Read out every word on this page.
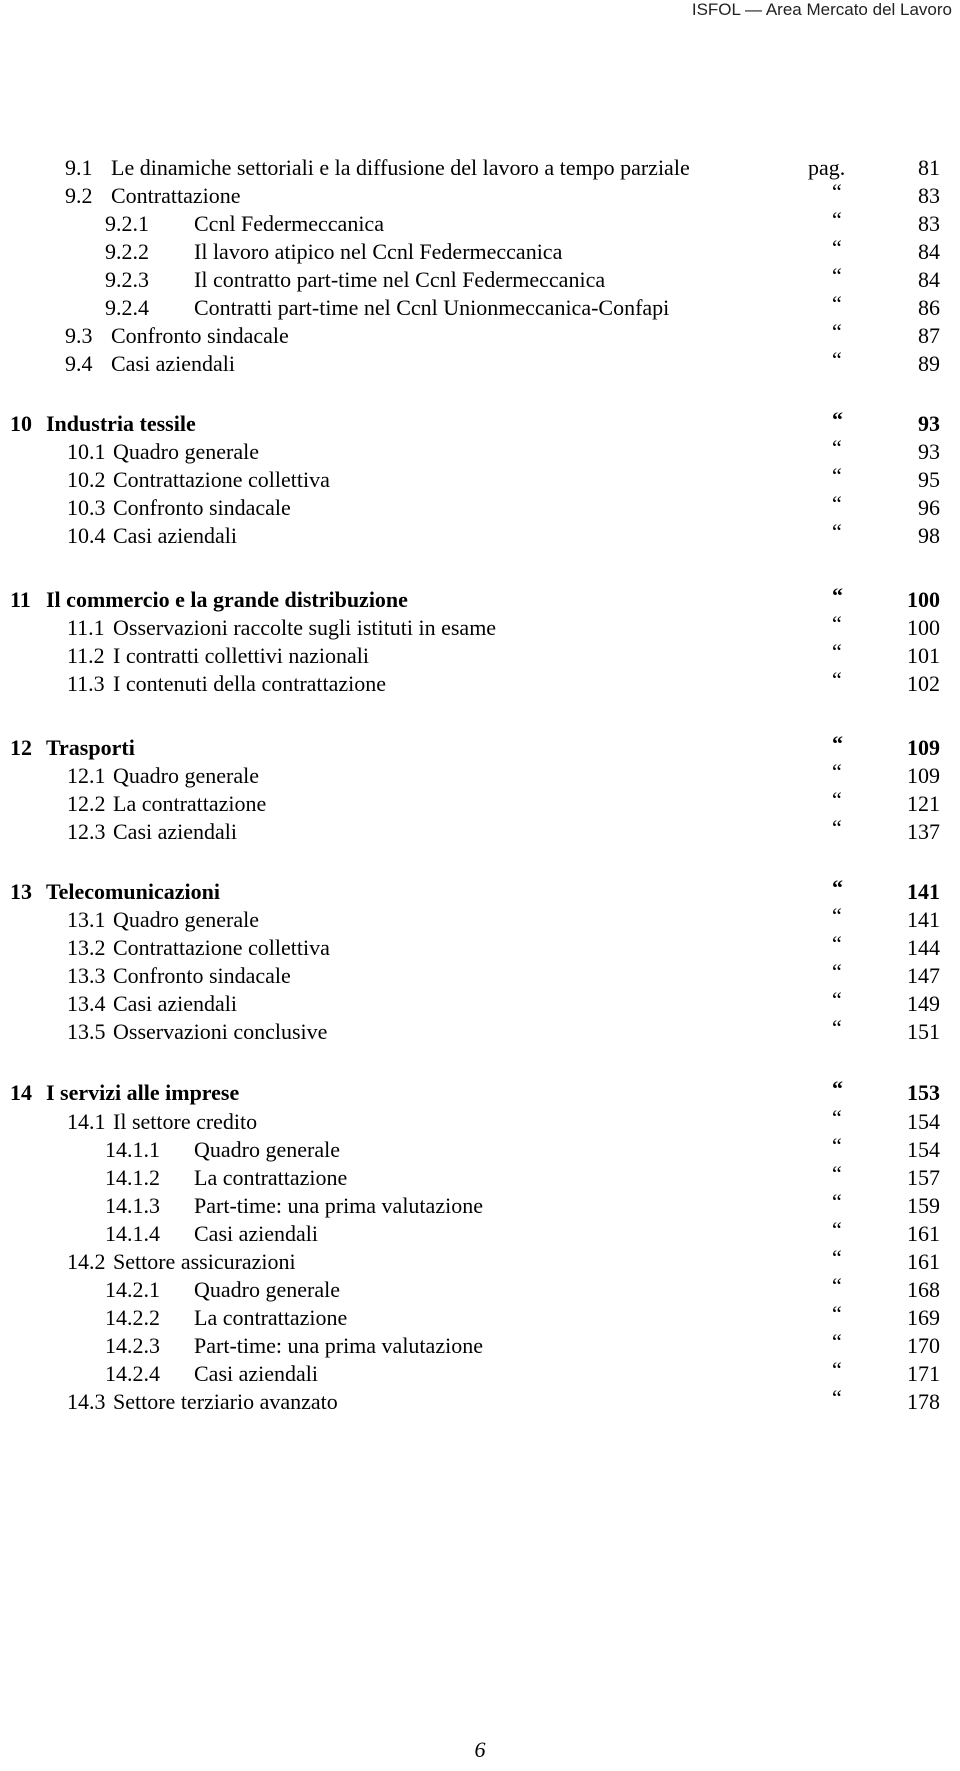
ISFOL — Area Mercato del Lavoro
9.1 Le dinamiche settoriali e la diffusione del lavoro a tempo parziale	pag.	81
9.2 Contrattazione	“	83
9.2.1 Ccnl Federmeccanica	“	83
9.2.2 Il lavoro atipico nel Ccnl Federmeccanica	“	84
9.2.3 Il contratto part-time nel Ccnl Federmeccanica	“	84
9.2.4 Contratti part-time nel Ccnl Unionmeccanica-Confapi	“	86
9.3 Confronto sindacale	“	87
9.4 Casi aziendali	“	89
10 Industria tessile	“	93
10.1 Quadro generale	“	93
10.2 Contrattazione collettiva	“	95
10.3 Confronto sindacale	“	96
10.4 Casi aziendali	“	98
11 Il commercio e la grande distribuzione	“	100
11.1 Osservazioni raccolte sugli istituti in esame	“	100
11.2 I contratti collettivi nazionali	“	101
11.3 I contenuti della contrattazione	“	102
12 Trasporti	“	109
12.1 Quadro generale	“	109
12.2 La contrattazione	“	121
12.3 Casi aziendali	“	137
13 Telecomunicazioni	“	141
13.1 Quadro generale	“	141
13.2 Contrattazione collettiva	“	144
13.3 Confronto sindacale	“	147
13.4 Casi aziendali	“	149
13.5 Osservazioni conclusive	“	151
14 I servizi alle imprese	“	153
14.1 Il settore credito	“	154
14.1.1 Quadro generale	“	154
14.1.2 La contrattazione	“	157
14.1.3 Part-time: una prima valutazione	“	159
14.1.4 Casi aziendali	“	161
14.2 Settore assicurazioni	“	161
14.2.1 Quadro generale	“	168
14.2.2 La contrattazione	“	169
14.2.3 Part-time: una prima valutazione	“	170
14.2.4 Casi aziendali	“	171
14.3 Settore terziario avanzato	“	178
6
